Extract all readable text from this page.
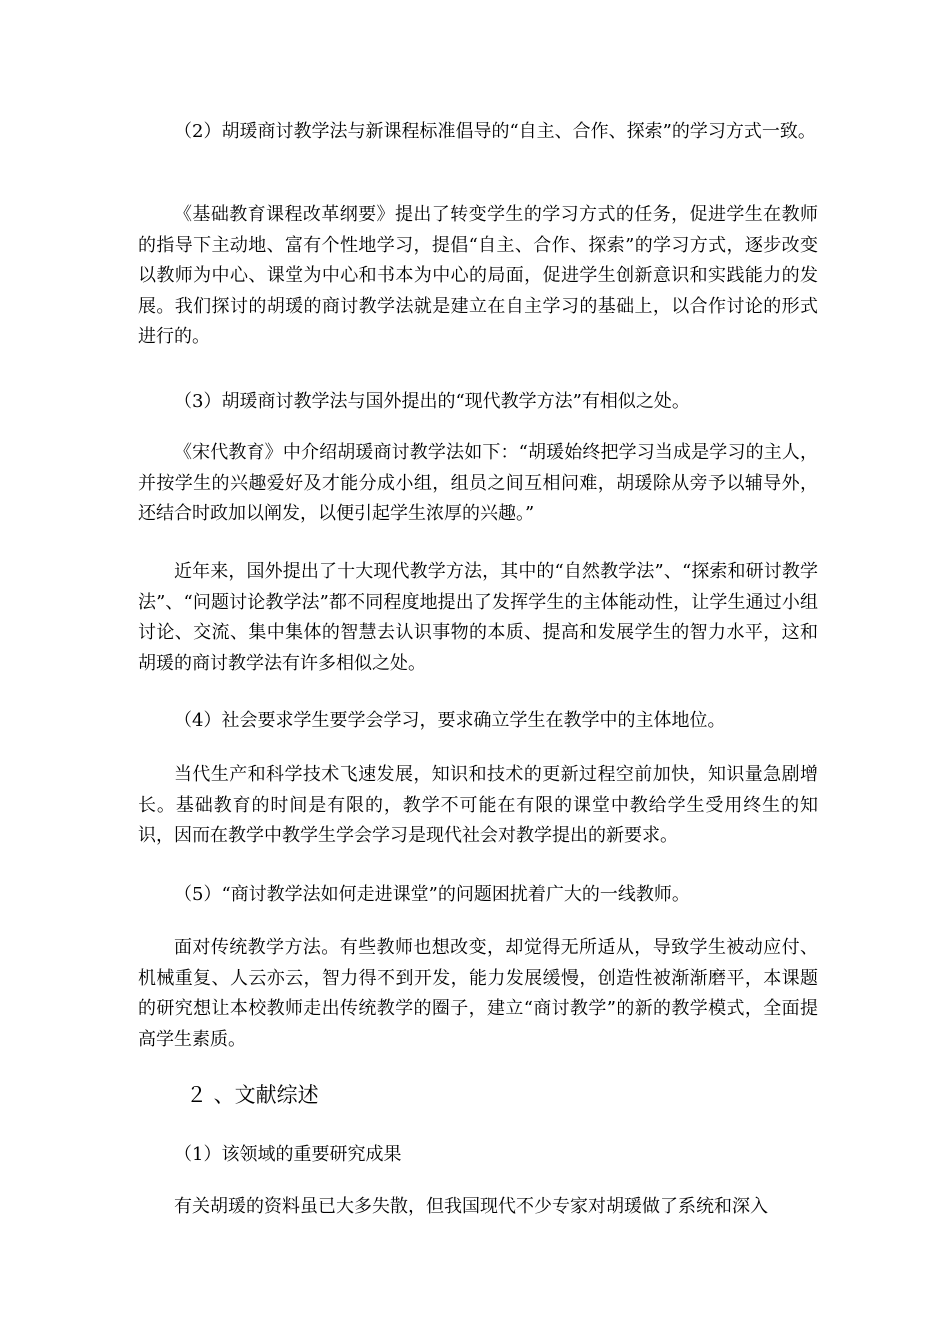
（2）胡瑗商讨教学法与新课程标准倡导的“自主、合作、探索”的学习方式一致。

《基础教育课程改革纲要》提出了转变学生的学习方式的任务，促进学生在教师的指导下主动地、富有个性地学习，提倡“自主、合作、探索”的学习方式，逐步改变以教师为中心、课堂为中心和书本为中心的局面，促进学生创新意识和实践能力的发展。我们探讨的胡瑗的商讨教学法就是建立在自主学习的基础上，以合作讨论的形式进行的。

（3）胡瑗商讨教学法与国外提出的“现代教学方法”有相似之处。

《宋代教育》中介绍胡瑗商讨教学法如下：“胡瑗始终把学习当成是学习的主人，并按学生的兴趣爱好及才能分成小组，组员之间互相问难，胡瑗除从旁予以辅导外，还结合时政加以阐发，以便引起学生浓厚的兴趣。”

近年来，国外提出了十大现代教学方法，其中的“自然教学法”、“探索和研讨教学法”、“问题讨论教学法”都不同程度地提出了发挥学生的主体能动性，让学生通过小组讨论、交流、集中集体的智慧去认识事物的本质、提高和发展学生的智力水平，这和胡瑗的商讨教学法有许多相似之处。

（4）社会要求学生要学会学习，要求确立学生在教学中的主体地位。

当代生产和科学技术飞速发展，知识和技术的更新过程空前加快，知识量急剧增长。基础教育的时间是有限的，教学不可能在有限的课堂中教给学生受用终生的知识，因而在教学中教学生学会学习是现代社会对教学提出的新要求。

（5）“商讨教学法如何走进课堂”的问题困扰着广大的一线教师。

面对传统教学方法。有些教师也想改变，却觉得无所适从，导致学生被动应付、机械重复、人云亦云，智力得不到开发，能力发展缓慢，创造性被渐渐磨平，本课题的研究想让本校教师走出传统教学的圈子，建立“商讨教学”的新的教学模式，全面提高学生素质。

２ 、文献综述

（1）该领域的重要研究成果

有关胡瑗的资料虽已大多失散，但我国现代不少专家对胡瑗做了系统和深入
